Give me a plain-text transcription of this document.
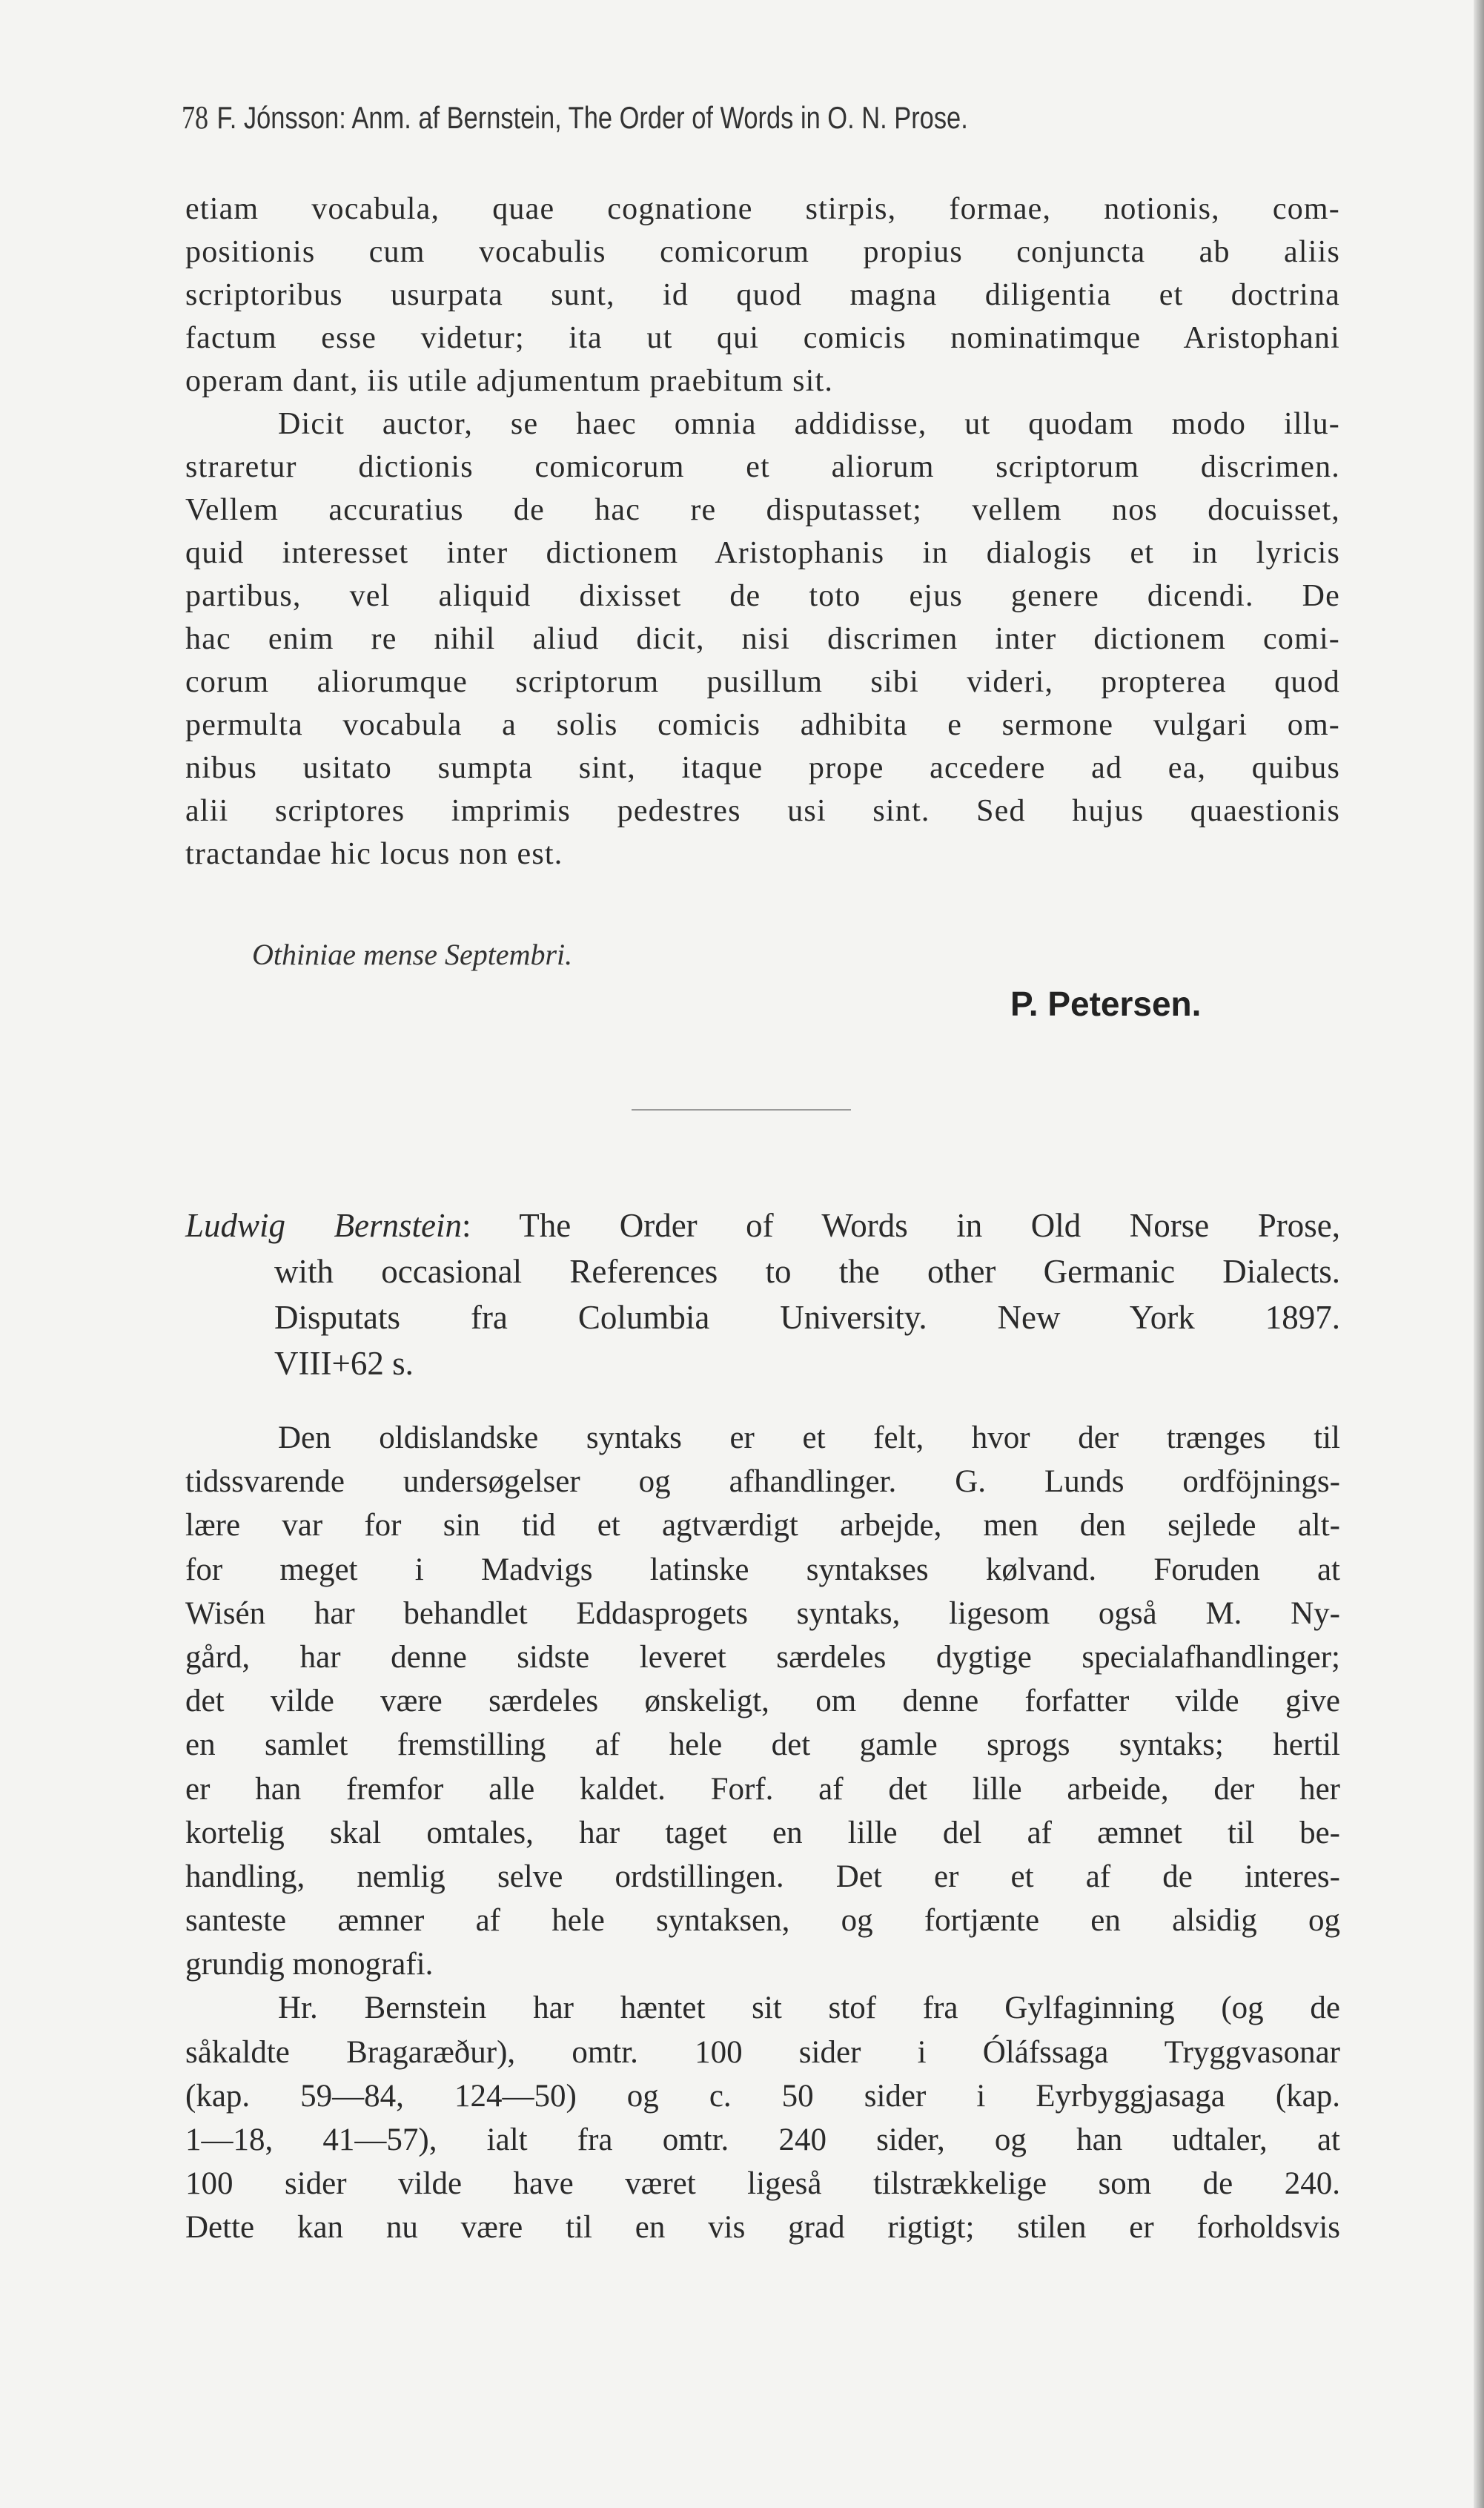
78 F. Jónsson: Anm. af Bernstein, The Order of Words in O. N. Prose.
etiam vocabula, quae cognatione stirpis, formae, notionis, com-
positionis cum vocabulis comicorum propius conjuncta ab aliis
scriptoribus usurpata sunt, id quod magna diligentia et doctrina
factum esse videtur; ita ut qui comicis nominatimque Aristophani
operam dant, iis utile adjumentum praebitum sit.
Dicit auctor, se haec omnia addidisse, ut quodam modo illu-
straretur dictionis comicorum et aliorum scriptorum discrimen.
Vellem accuratius de hac re disputasset; vellem nos docuisset,
quid interesset inter dictionem Aristophanis in dialogis et in lyricis
partibus, vel aliquid dixisset de toto ejus genere dicendi. De
hac enim re nihil aliud dicit, nisi discrimen inter dictionem comi-
corum aliorumque scriptorum pusillum sibi videri, propterea quod
permulta vocabula a solis comicis adhibita e sermone vulgari om-
nibus usitato sumpta sint, itaque prope accedere ad ea, quibus
alii scriptores imprimis pedestres usi sint. Sed hujus quaestionis
tractandae hic locus non est.
Othiniae mense Septembri.
P. Petersen.
Ludwig Bernstein: The Order of Words in Old Norse Prose,
with occasional References to the other Germanic Dialects.
Disputats fra Columbia University. New York 1897.
VIII+62 s.
Den oldislandske syntaks er et felt, hvor der trænges til
tidssvarende undersøgelser og afhandlinger. G. Lunds ordföjnings-
lære var for sin tid et agtværdigt arbejde, men den sejlede alt-
for meget i Madvigs latinske syntakses kølvand. Foruden at
Wisén har behandlet Eddasprogets syntaks, ligesom også M. Ny-
gård, har denne sidste leveret særdeles dygtige specialafhandlinger;
det vilde være særdeles ønskeligt, om denne forfatter vilde give
en samlet fremstilling af hele det gamle sprogs syntaks; hertil
er han fremfor alle kaldet. Forf. af det lille arbeide, der her
kortelig skal omtales, har taget en lille del af æmnet til be-
handling, nemlig selve ordstillingen. Det er et af de interes-
santeste æmner af hele syntaksen, og fortjænte en alsidig og
grundig monografi.
Hr. Bernstein har hæntet sit stof fra Gylfaginning (og de
såkaldte Bragaræður), omtr. 100 sider i Óláfssaga Tryggvasonar
(kap. 59—84, 124—50) og c. 50 sider i Eyrbyggjasaga (kap.
1—18, 41—57), ialt fra omtr. 240 sider, og han udtaler, at
100 sider vilde have været ligeså tilstrækkelige som de 240.
Dette kan nu være til en vis grad rigtigt; stilen er forholdsvis
